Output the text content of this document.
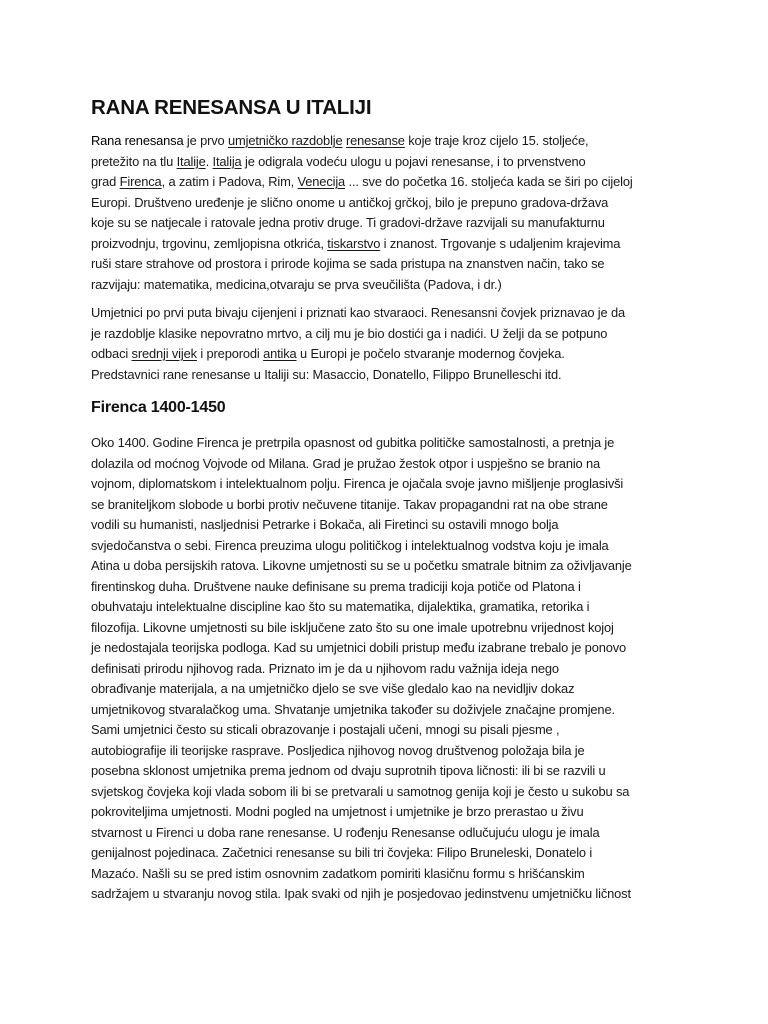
RANA RENESANSA U ITALIJI

Rana renesansa je prvo umjetničko razdoblje renesanse koje traje kroz cijelo 15. stoljeće,
pretežito na tlu Italije. Italija je odigrala vodeću ulogu u pojavi renesanse, i to prvenstveno
grad Firenca, a zatim i Padova, Rim, Venecija ... sve do početka 16. stoljeća kada se širi po cijeloj
Europi. Društveno uređenje je slično onome u antičkoj grčkoj, bilo je prepuno gradova-država
koje su se natjecale i ratovale jedna protiv druge. Ti gradovi-države razvijali su manufakturnu
proizvodnju, trgovinu, zemljopisna otkrića, tiskarstvo i znanost. Trgovanje s udaljenim krajevima
ruši stare strahove od prostora i prirode kojima se sada pristupa na znanstven način, tako se
razvijaju: matematika, medicina,otvaraju se prva sveučilišta (Padova, i dr.)

Umjetnici po prvi puta bivaju cijenjeni i priznati kao stvaraoci. Renesansni čovjek priznavao je da
je razdoblje klasike nepovratno mrtvo, a cilj mu je bio dostići ga i nadići. U želji da se potpuno
odbaci srednji vijek i preporodi antika u Europi je počelo stvaranje modernog čovjeka.
Predstavnici rane renesanse u Italiji su: Masaccio, Donatello, Filippo Brunelleschi itd.

Firenca 1400-1450

Oko 1400. Godine Firenca je pretrpila opasnost od gubitka političke samostalnosti, a pretnja je
dolazila od moćnog Vojvode od Milana. Grad je pružao žestok otpor i uspješno se branio na
vojnom, diplomatskom i intelektualnom polju. Firenca je ojačala svoje javno mišljenje proglasivši
se braniteljkom slobode u borbi protiv nečuvene titanije. Takav propagandni rat na obe strane
vodili su humanisti, nasljednisi Petrarke i Bokača, ali Firetinci su ostavili mnogo bolja
svjedočanstva o sebi. Firenca preuzima ulogu političkog i intelektualnog vodstva koju je imala
Atina u doba persijskih ratova. Likovne umjetnosti su se u početku smatrale bitnim za oživljavanje
firentinskog duha. Društvene nauke definisane su prema tradiciji koja potiče od Platona i
obuhvataju intelektualne discipline kao što su matematika, dijalektika, gramatika, retorika i
filozofija. Likovne umjetnosti su bile isključene zato što su one imale upotrebnu vrijednost kojoj
je nedostajala teorijska podloga. Kad su umjetnici dobili pristup među izabrane trebalo je ponovo
definisati prirodu njihovog rada. Priznato im je da u njihovom radu važnija ideja nego
obrađivanje materijala, a na umjetničko djelo se sve više gledalo kao na nevidljiv dokaz
umjetnikovog stvaralačkog uma. Shvatanje umjetnika također su doživjele značajne promjene.
Sami umjetnici često su sticali obrazovanje i postajali učeni, mnogi su pisali pjesme ,
autobiografije ili teorijske rasprave. Posljedica njihovog novog društvenog položaja bila je
posebna sklonost umjetnika prema jednom od dvaju suprotnih tipova ličnosti: ili bi se razvili u
svjetskog čovjeka koji vlada sobom ili bi se pretvarali u samotnog genija koji je često u sukobu sa
pokroviteljima umjetnosti. Modni pogled na umjetnost i umjetnike je brzo prerastao u živu
stvarnost u Firenci u doba rane renesanse. U rođenju Renesanse odlučujuću ulogu je imala
genijalnost pojedinaca. Začetnici renesanse su bili tri čovjeka: Filipo Bruneleski, Donatelo i
Mazaćo. Našli su se pred istim osnovnim zadatkom pomiriti klasičnu formu s hrišćanskim
sadržajem u stvaranju novog stila. Ipak svaki od njih je posjedovao jedinstvenu umjetničku ličnost
